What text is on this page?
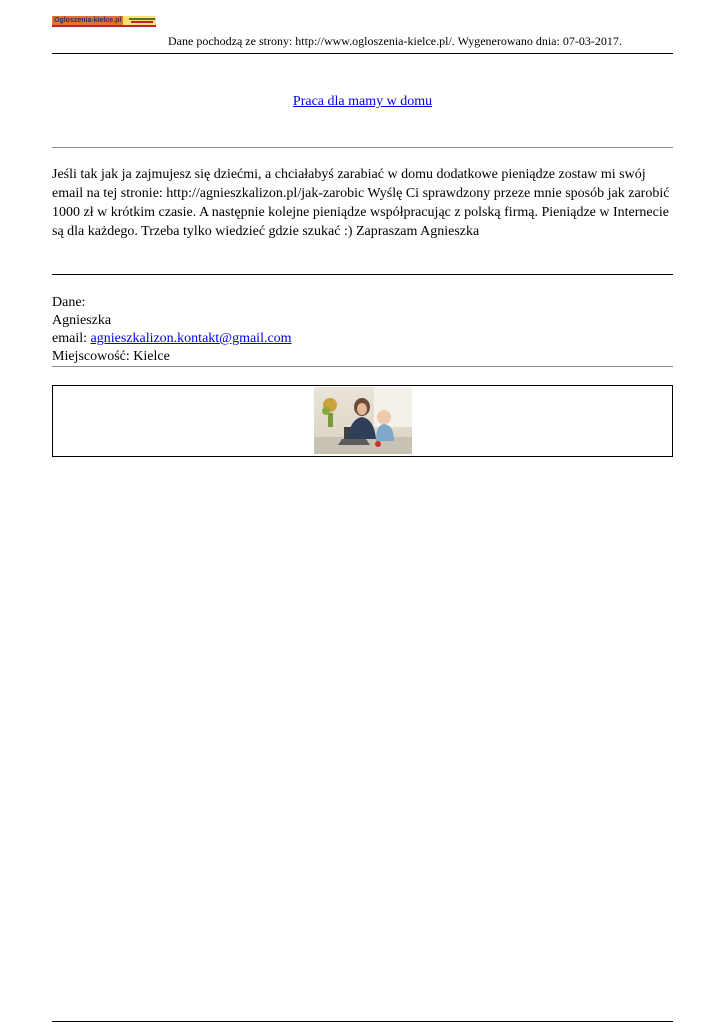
Ogloszenia-kielce.pl
Dane pochodzą ze strony: http://www.ogloszenia-kielce.pl/. Wygenerowano dnia: 07-03-2017.
Praca dla mamy w domu

Jeśli tak jak ja zajmujesz się dziećmi, a chciałabyś zarabiać w domu dodatkowe pieniądze zostaw mi swój email na tej stronie: http://agnieszkalizon.pl/jak-zarobic Wyślę Ci sprawdzony przeze mnie sposób jak zarobić 1000 zł w krótkim czasie. A następnie kolejne pieniądze współpracując z polską firmą. Pieniądze w Internecie są dla każdego. Trzeba tylko wiedzieć gdzie szukać :) Zapraszam Agnieszka

Dane:
Agnieszka
email: agnieszkalizon.kontakt@gmail.com
Miejscowość: Kielce
